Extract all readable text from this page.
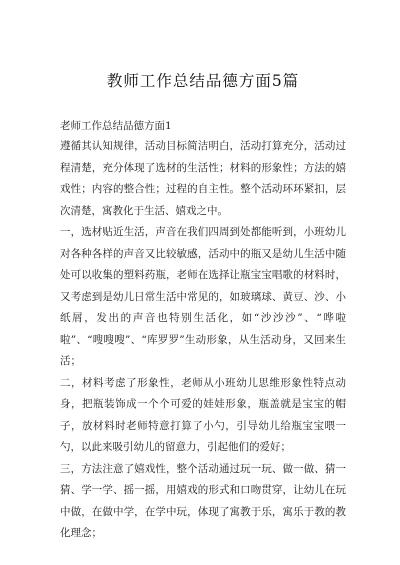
教师工作总结品德方面5篇
老师工作总结品德方面1

遵循其认知规律，活动目标简洁明白，活动打算充分，活动过程清楚，充分体现了选材的生活性；材料的形象性；方法的嬉戏性；内容的整合性；过程的自主性。整个活动环环紧扣，层次清楚，寓教化于生活、嬉戏之中。

一，选材贴近生活，声音在我们四周到处都能听到，小班幼儿对各种各样的声音又比较敏感，活动中的瓶又是幼儿生活中随处可以收集的塑料药瓶，老师在选择让瓶宝宝唱歌的材料时，又考虑到是幼儿日常生活中常见的，如玻璃球、黄豆、沙、小纸屑，发出的声音也特别生活化，如“沙沙沙”、“哗啦啦”、“嗖嗖嗖”、“库罗罗”生动形象，从生活动身，又回来生活；

二，材料考虑了形象性，老师从小班幼儿思维形象性特点动身，把瓶装饰成一个个可爱的娃娃形象，瓶盖就是宝宝的帽子，放材料时老师特意打算了小勺，引导幼儿给瓶宝宝喂一勺，以此来吸引幼儿的留意力，引起他们的爱好；

三，方法注意了嬉戏性，整个活动通过玩一玩、做一做、猜一猜、学一学、摇一摇，用嬉戏的形式和口吻贯穿，让幼儿在玩中做，在做中学，在学中玩，体现了寓教于乐，寓乐于教的教化理念；
